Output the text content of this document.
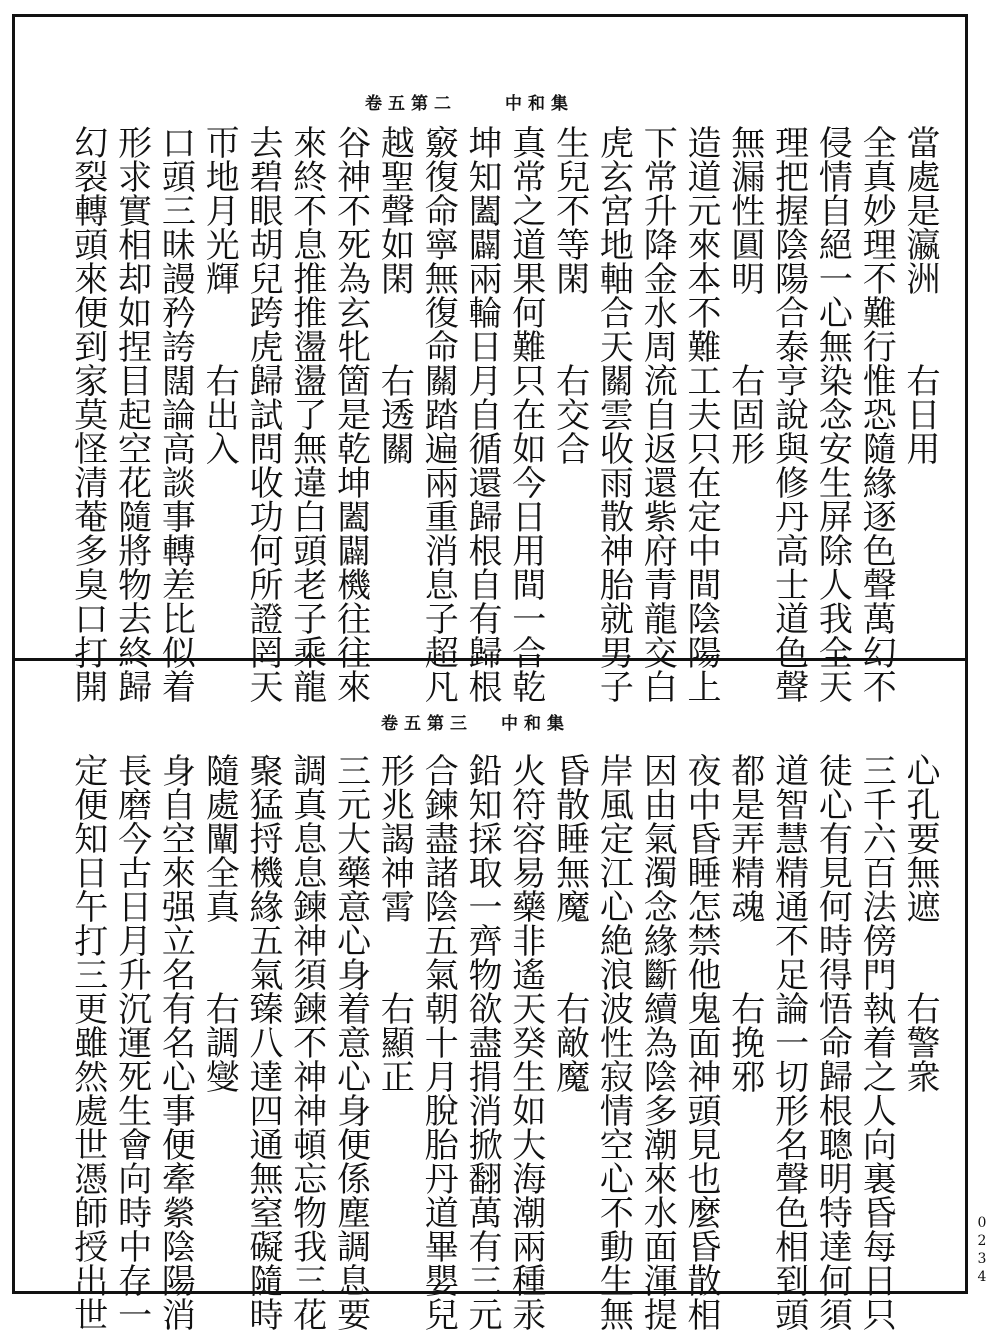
卷五第二	中和集
當處是瀛洲　　右日用
全真妙理不難行惟恐隨緣逐色聲萬幻不
侵情自絕一心無染念安生屏除人我全天
理把握陰陽合泰亨說與修丹高士道色聲
無漏性圓明　　右固形
造道元來本不難工夫只在定中間陰陽上
下常升降金水周流自返還紫府青龍交白
虎玄宮地軸合天關雲收雨散神胎就男子
生兒不等閑　　右交合
真常之道果何難只在如今日用間一合乾
坤知闔闢兩輪日月自循還歸根自有歸根
竅復命寧無復命關踏遍兩重消息子超凡
越聖聲如閑　　右透關
谷神不死為玄牝箇是乾坤闔闢機往往來
來終不息推推盪盪了無違白頭老子乘龍
去碧眼胡兒跨虎歸試問收功何所證罔天
帀地月光輝　　右出入
口頭三昧謾矜誇闊論高談事轉差比似着
形求實相却如捏目起空花隨將物去終歸
幻裂轉頭來便到家莫怪清菴多臭口打開
卷五第三 中和集
心孔要無遮　　右警衆
三千六百法傍門執着之人向裏昏每日只
徒心有見何時得悟命歸根聰明特達何須
道智慧精通不足論一切形名聲色相到頭
都是弄精魂　　右挽邪
夜中昏睡怎禁他鬼面神頭見也麼昏散相
因由氣濁念緣斷續為陰多潮來水面渾提
岸風定江心絶浪波性寂情空心不動生無
昏散睡無魔　　右敵魔
火符容易藥非遙天癸生如大海潮兩種汞
鉛知採取一齊物欲盡捐消掀翻萬有三元
合鍊盡諸陰五氣朝十月脫胎丹道畢嬰兒
形兆謁神霄　　右顯正
三元大藥意心身着意心身便係塵調息要
調真息息鍊神須鍊不神神頓忘物我三花
聚猛捋機緣五氣臻八達四通無窒礙隨時
隨處闡全真　　右調燮
身自空來强立名有名心事便牽縈陰陽消
長磨今古日月升沉運死生會向時中存一
定便知日午打三更雖然處世憑師授出世	0234
